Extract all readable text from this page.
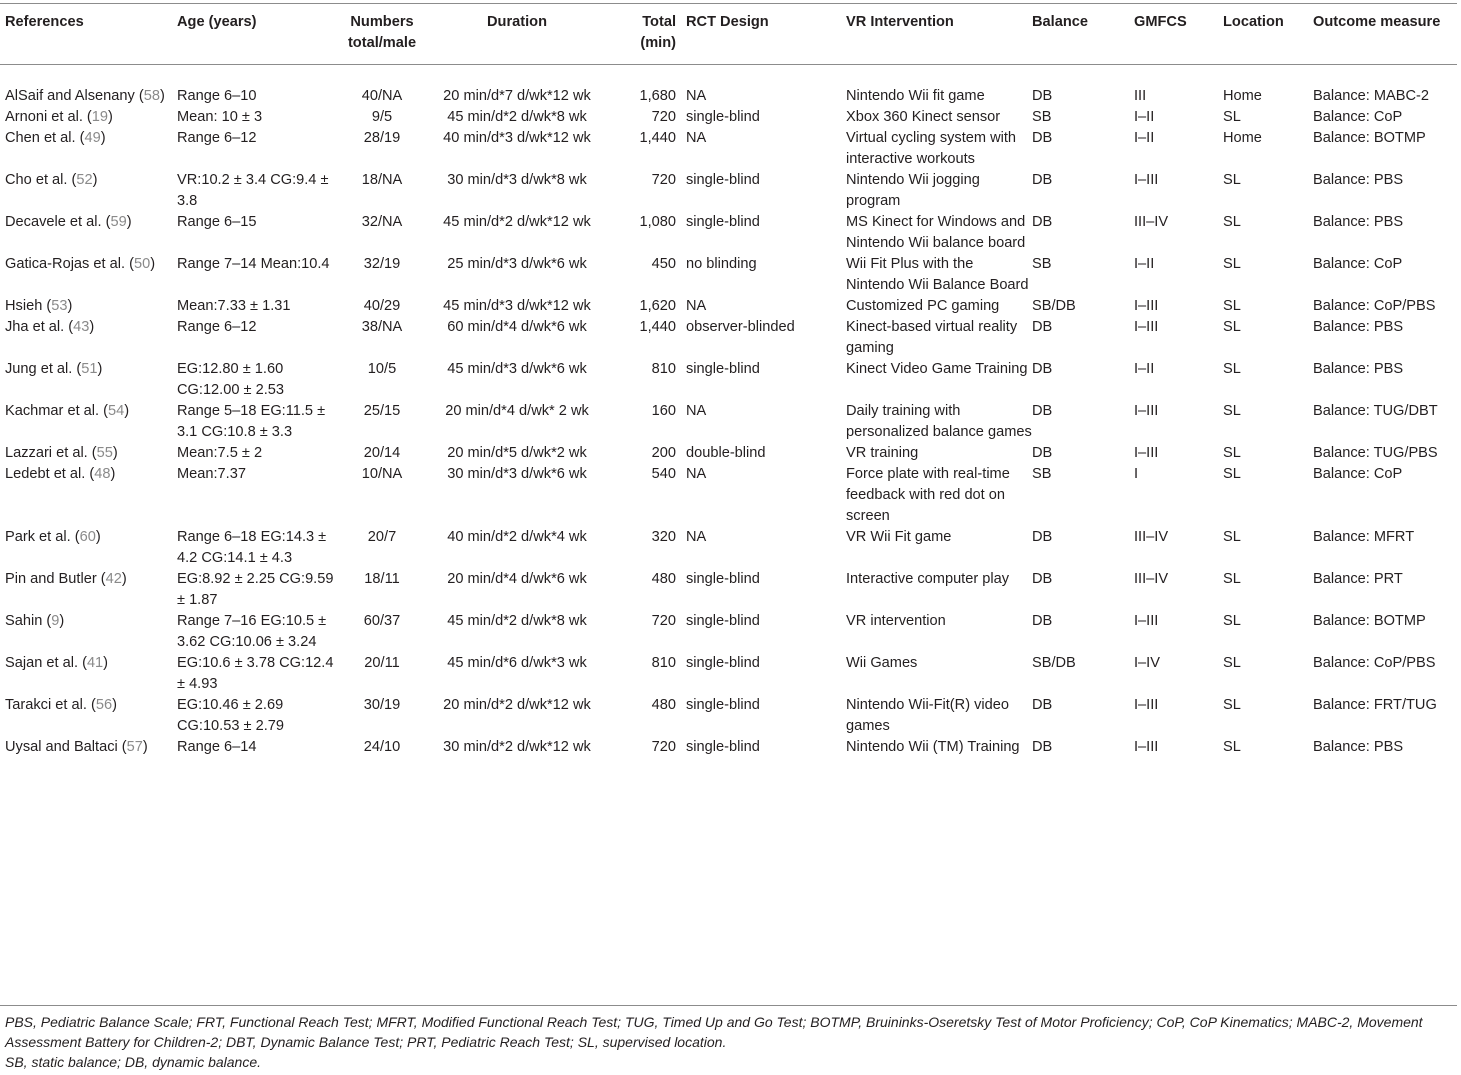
References	Age (years)	Numbers total/male	Duration	Total (min)	RCT Design	VR Intervention	Balance	GMFCS	Location	Outcome measure
AlSaif and Alsenany (58)	Range 6–10	40/NA	20 min/d*7 d/wk*12 wk	1,680	NA	Nintendo Wii fit game	DB	III	Home	Balance: MABC-2
Arnoni et al. (19)	Mean: 10 ± 3	9/5	45 min/d*2 d/wk*8 wk	720	single-blind	Xbox 360 Kinect sensor	SB	I–II	SL	Balance: CoP
Chen et al. (49)	Range 6–12	28/19	40 min/d*3 d/wk*12 wk	1,440	NA	Virtual cycling system with interactive workouts	DB	I–II	Home	Balance: BOTMP
Cho et al. (52)	VR:10.2 ± 3.4 CG:9.4 ± 3.8	18/NA	30 min/d*3 d/wk*8 wk	720	single-blind	Nintendo Wii jogging program	DB	I–III	SL	Balance: PBS
Decavele et al. (59)	Range 6–15	32/NA	45 min/d*2 d/wk*12 wk	1,080	single-blind	MS Kinect for Windows and Nintendo Wii balance board	DB	III–IV	SL	Balance: PBS
Gatica-Rojas et al. (50)	Range 7–14 Mean:10.4	32/19	25 min/d*3 d/wk*6 wk	450	no blinding	Wii Fit Plus with the Nintendo Wii Balance Board	SB	I–II	SL	Balance: CoP
Hsieh (53)	Mean:7.33 ± 1.31	40/29	45 min/d*3 d/wk*12 wk	1,620	NA	Customized PC gaming	SB/DB	I–III	SL	Balance: CoP/PBS
Jha et al. (43)	Range 6–12	38/NA	60 min/d*4 d/wk*6 wk	1,440	observer-blinded	Kinect-based virtual reality gaming	DB	I–III	SL	Balance: PBS
Jung et al. (51)	EG:12.80 ± 1.60 CG:12.00 ± 2.53	10/5	45 min/d*3 d/wk*6 wk	810	single-blind	Kinect Video Game Training	DB	I–II	SL	Balance: PBS
Kachmar et al. (54)	Range 5–18 EG:11.5 ± 3.1 CG:10.8 ± 3.3	25/15	20 min/d*4 d/wk* 2 wk	160	NA	Daily training with personalized balance games	DB	I–III	SL	Balance: TUG/DBT
Lazzari et al. (55)	Mean:7.5 ± 2	20/14	20 min/d*5 d/wk*2 wk	200	double-blind	VR training	DB	I–III	SL	Balance: TUG/PBS
Ledebt et al. (48)	Mean:7.37	10/NA	30 min/d*3 d/wk*6 wk	540	NA	Force plate with real-time feedback with red dot on screen	SB	I	SL	Balance: CoP
Park et al. (60)	Range 6–18 EG:14.3 ± 4.2 CG:14.1 ± 4.3	20/7	40 min/d*2 d/wk*4 wk	320	NA	VR Wii Fit game	DB	III–IV	SL	Balance: MFRT
Pin and Butler (42)	EG:8.92 ± 2.25 CG:9.59 ± 1.87	18/11	20 min/d*4 d/wk*6 wk	480	single-blind	Interactive computer play	DB	III–IV	SL	Balance: PRT
Sahin (9)	Range 7–16 EG:10.5 ± 3.62 CG:10.06 ± 3.24	60/37	45 min/d*2 d/wk*8 wk	720	single-blind	VR intervention	DB	I–III	SL	Balance: BOTMP
Sajan et al. (41)	EG:10.6 ± 3.78 CG:12.4 ± 4.93	20/11	45 min/d*6 d/wk*3 wk	810	single-blind	Wii Games	SB/DB	I–IV	SL	Balance: CoP/PBS
Tarakci et al. (56)	EG:10.46 ± 2.69 CG:10.53 ± 2.79	30/19	20 min/d*2 d/wk*12 wk	480	single-blind	Nintendo Wii-Fit(R) video games	DB	I–III	SL	Balance: FRT/TUG
Uysal and Baltaci (57)	Range 6–14	24/10	30 min/d*2 d/wk*12 wk	720	single-blind	Nintendo Wii (TM) Training	DB	I–III	SL	Balance: PBS

PBS, Pediatric Balance Scale; FRT, Functional Reach Test; MFRT, Modified Functional Reach Test; TUG, Timed Up and Go Test; BOTMP, Bruininks-Oseretsky Test of Motor Proficiency; CoP, CoP Kinematics; MABC-2, Movement Assessment Battery for Children-2; DBT, Dynamic Balance Test; PRT, Pediatric Reach Test; SL, supervised location.

SB, static balance; DB, dynamic balance.
